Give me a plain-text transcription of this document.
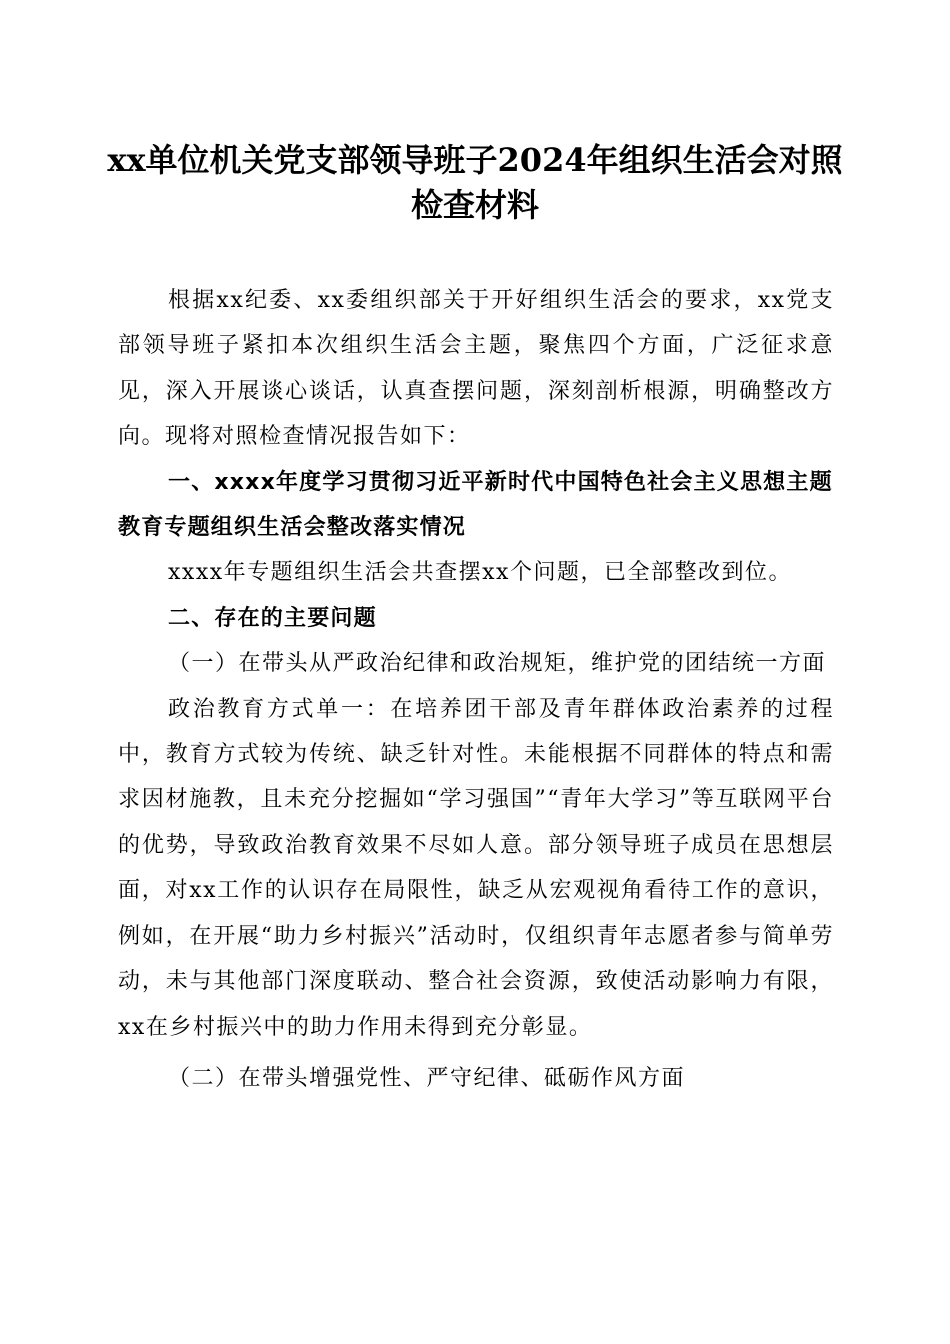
xx单位机关党支部领导班子2024年组织生活会对照检查材料

根据xx纪委、xx委组织部关于开好组织生活会的要求，xx党支部领导班子紧扣本次组织生活会主题，聚焦四个方面，广泛征求意见，深入开展谈心谈话，认真查摆问题，深刻剖析根源，明确整改方向。现将对照检查情况报告如下：

一、xxxx年度学习贯彻习近平新时代中国特色社会主义思想主题教育专题组织生活会整改落实情况

xxxx年专题组织生活会共查摆xx个问题，已全部整改到位。

二、存在的主要问题

（一）在带头从严政治纪律和政治规矩，维护党的团结统一方面

政治教育方式单一：在培养团干部及青年群体政治素养的过程中，教育方式较为传统、缺乏针对性。未能根据不同群体的特点和需求因材施教，且未充分挖掘如“学习强国”“青年大学习”等互联网平台的优势，导致政治教育效果不尽如人意。部分领导班子成员在思想层面，对xx工作的认识存在局限性，缺乏从宏观视角看待工作的意识，例如，在开展“助力乡村振兴”活动时，仅组织青年志愿者参与简单劳动，未与其他部门深度联动、整合社会资源，致使活动影响力有限，xx在乡村振兴中的助力作用未得到充分彰显。

（二）在带头增强党性、严守纪律、砥砺作风方面
